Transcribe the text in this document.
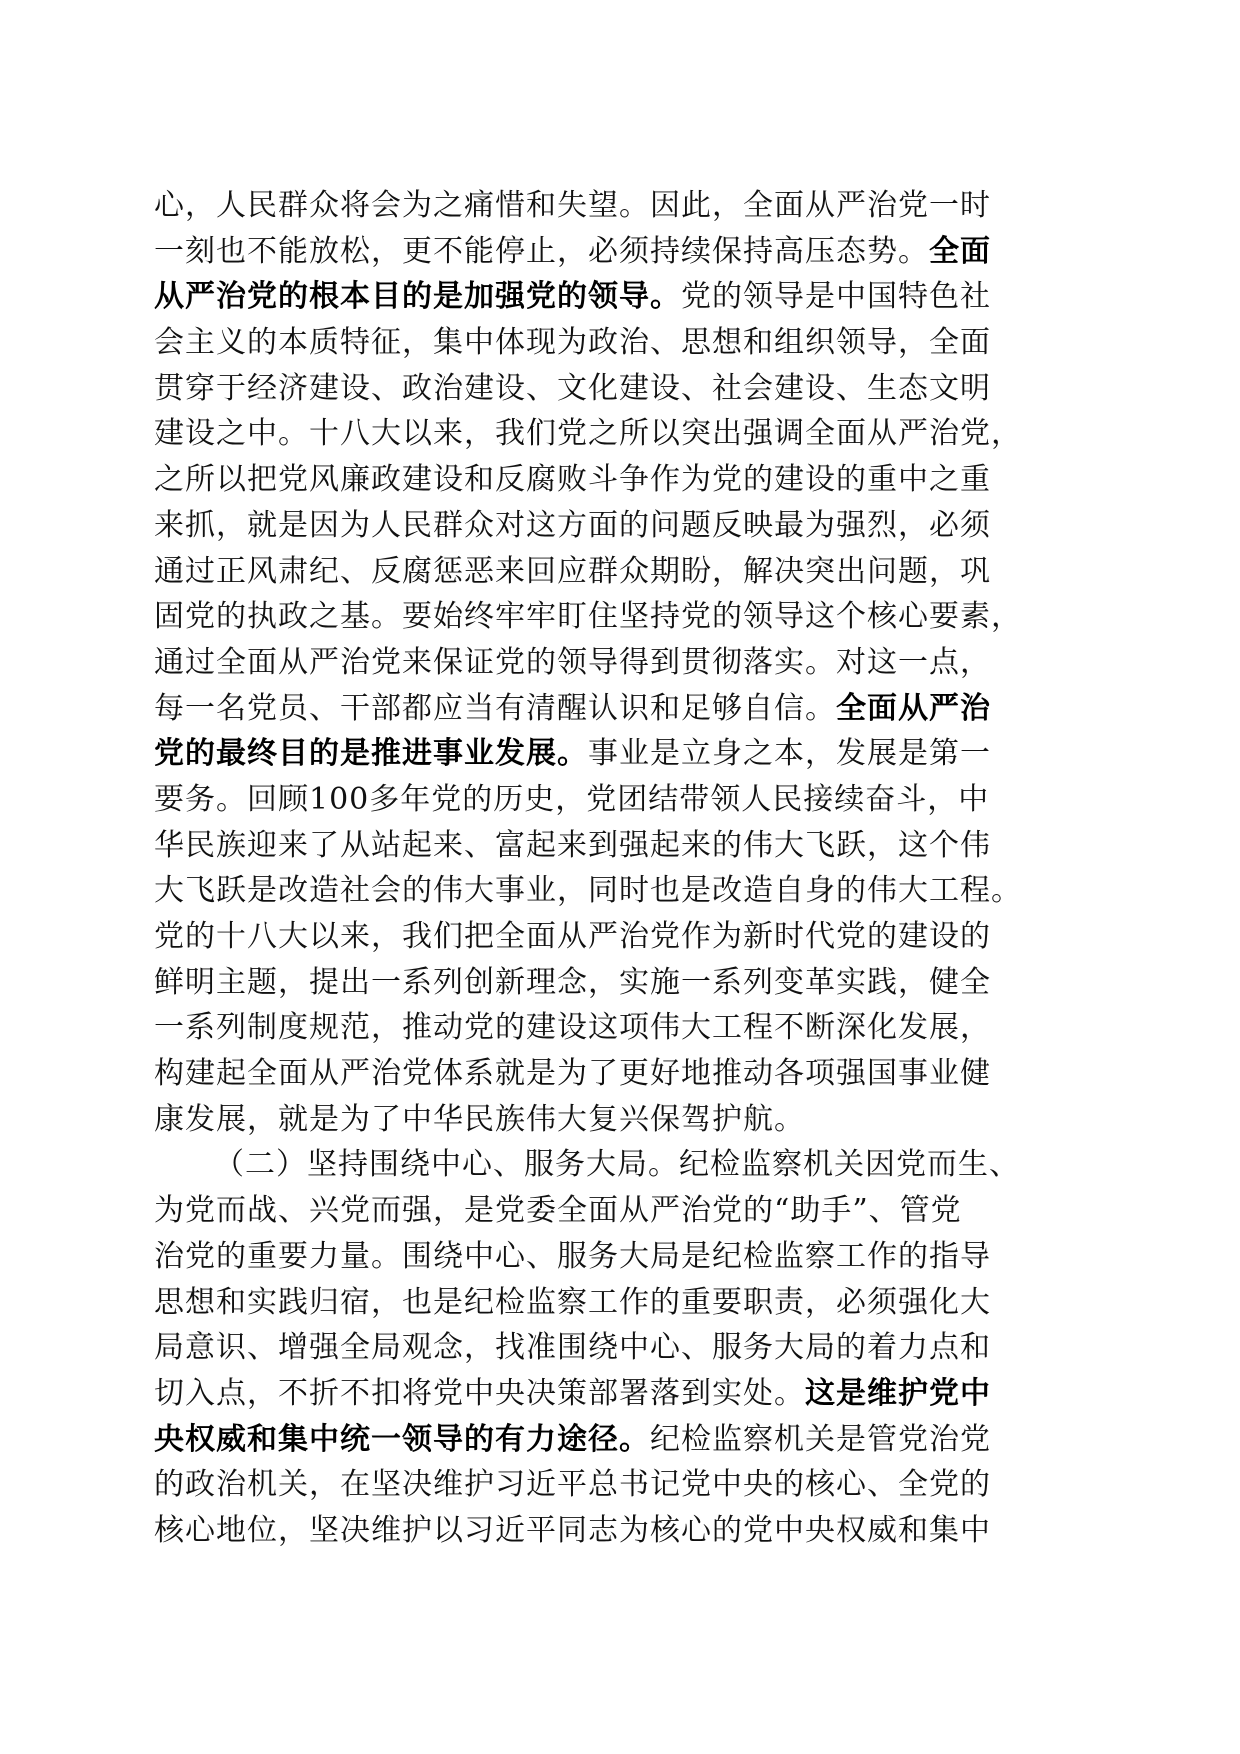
心，人民群众将会为之痛惜和失望。因此，全面从严治党一时
一刻也不能放松，更不能停止，必须持续保持高压态势。全面
从严治党的根本目的是加强党的领导。党的领导是中国特色社
会主义的本质特征，集中体现为政治、思想和组织领导，全面
贯穿于经济建设、政治建设、文化建设、社会建设、生态文明
建设之中。十八大以来，我们党之所以突出强调全面从严治党，
之所以把党风廉政建设和反腐败斗争作为党的建设的重中之重
来抓，就是因为人民群众对这方面的问题反映最为强烈，必须
通过正风肃纪、反腐惩恶来回应群众期盼，解决突出问题，巩
固党的执政之基。要始终牢牢盯住坚持党的领导这个核心要素，
通过全面从严治党来保证党的领导得到贯彻落实。对这一点，
每一名党员、干部都应当有清醒认识和足够自信。全面从严治
党的最终目的是推进事业发展。事业是立身之本，发展是第一
要务。回顾100多年党的历史，党团结带领人民接续奋斗，中
华民族迎来了从站起来、富起来到强起来的伟大飞跃，这个伟
大飞跃是改造社会的伟大事业，同时也是改造自身的伟大工程。
党的十八大以来，我们把全面从严治党作为新时代党的建设的
鲜明主题，提出一系列创新理念，实施一系列变革实践，健全
一系列制度规范，推动党的建设这项伟大工程不断深化发展，
构建起全面从严治党体系就是为了更好地推动各项强国事业健
康发展，就是为了中华民族伟大复兴保驾护航。
（二）坚持围绕中心、服务大局。纪检监察机关因党而生、
为党而战、兴党而强，是党委全面从严治党的“助手”、管党
治党的重要力量。围绕中心、服务大局是纪检监察工作的指导
思想和实践归宿，也是纪检监察工作的重要职责，必须强化大
局意识、增强全局观念，找准围绕中心、服务大局的着力点和
切入点，不折不扣将党中央决策部署落到实处。这是维护党中
央权威和集中统一领导的有力途径。纪检监察机关是管党治党
的政治机关，在坚决维护习近平总书记党中央的核心、全党的
核心地位，坚决维护以习近平同志为核心的党中央权威和集中
